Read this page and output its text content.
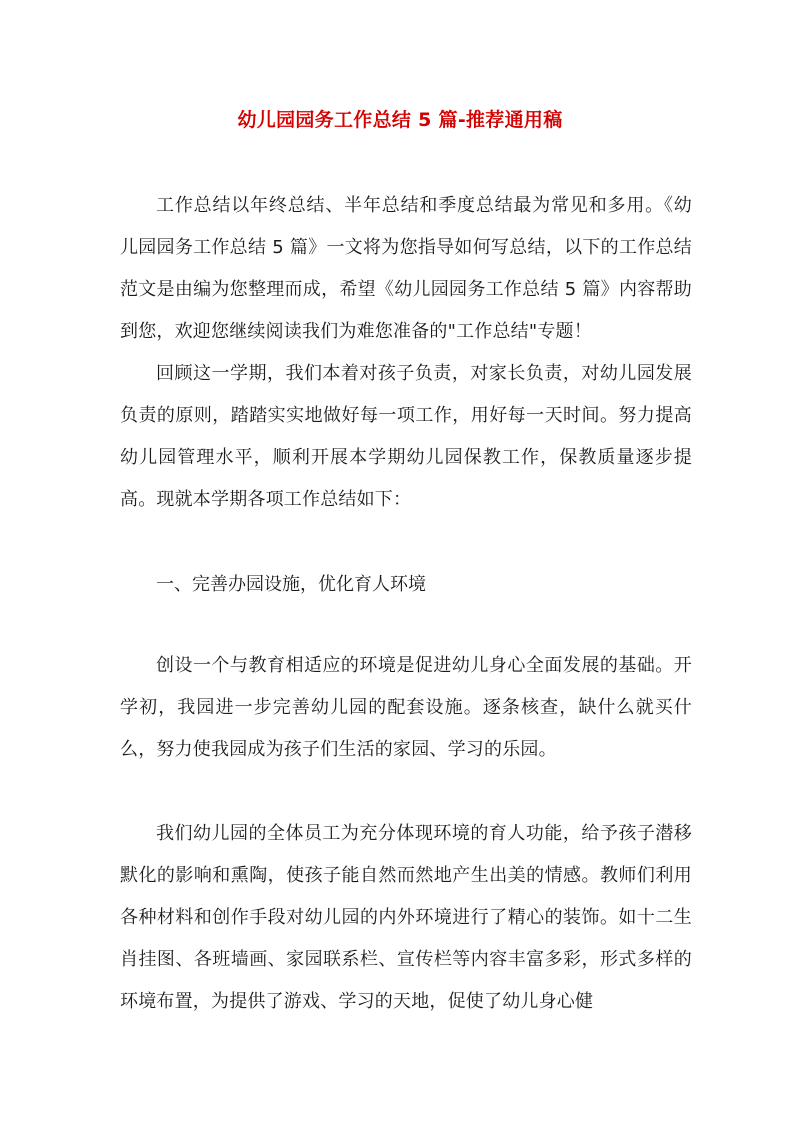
幼儿园园务工作总结 5 篇-推荐通用稿

工作总结以年终总结、半年总结和季度总结最为常见和多用。《幼儿园园务工作总结 5 篇》一文将为您指导如何写总结，以下的工作总结范文是由编为您整理而成，希望《幼儿园园务工作总结 5 篇》内容帮助到您，欢迎您继续阅读我们为难您准备的"工作总结"专题！

回顾这一学期，我们本着对孩子负责，对家长负责，对幼儿园发展负责的原则，踏踏实实地做好每一项工作，用好每一天时间。努力提高幼儿园管理水平，顺利开展本学期幼儿园保教工作，保教质量逐步提高。现就本学期各项工作总结如下：

一、完善办园设施，优化育人环境

创设一个与教育相适应的环境是促进幼儿身心全面发展的基础。开学初，我园进一步完善幼儿园的配套设施。逐条核查，缺什么就买什么，努力使我园成为孩子们生活的家园、学习的乐园。

我们幼儿园的全体员工为充分体现环境的育人功能，给予孩子潜移默化的影响和熏陶，使孩子能自然而然地产生出美的情感。教师们利用各种材料和创作手段对幼儿园的内外环境进行了精心的装饰。如十二生肖挂图、各班墙画、家园联系栏、宣传栏等内容丰富多彩，形式多样的环境布置，为提供了游戏、学习的天地，促使了幼儿身心健
